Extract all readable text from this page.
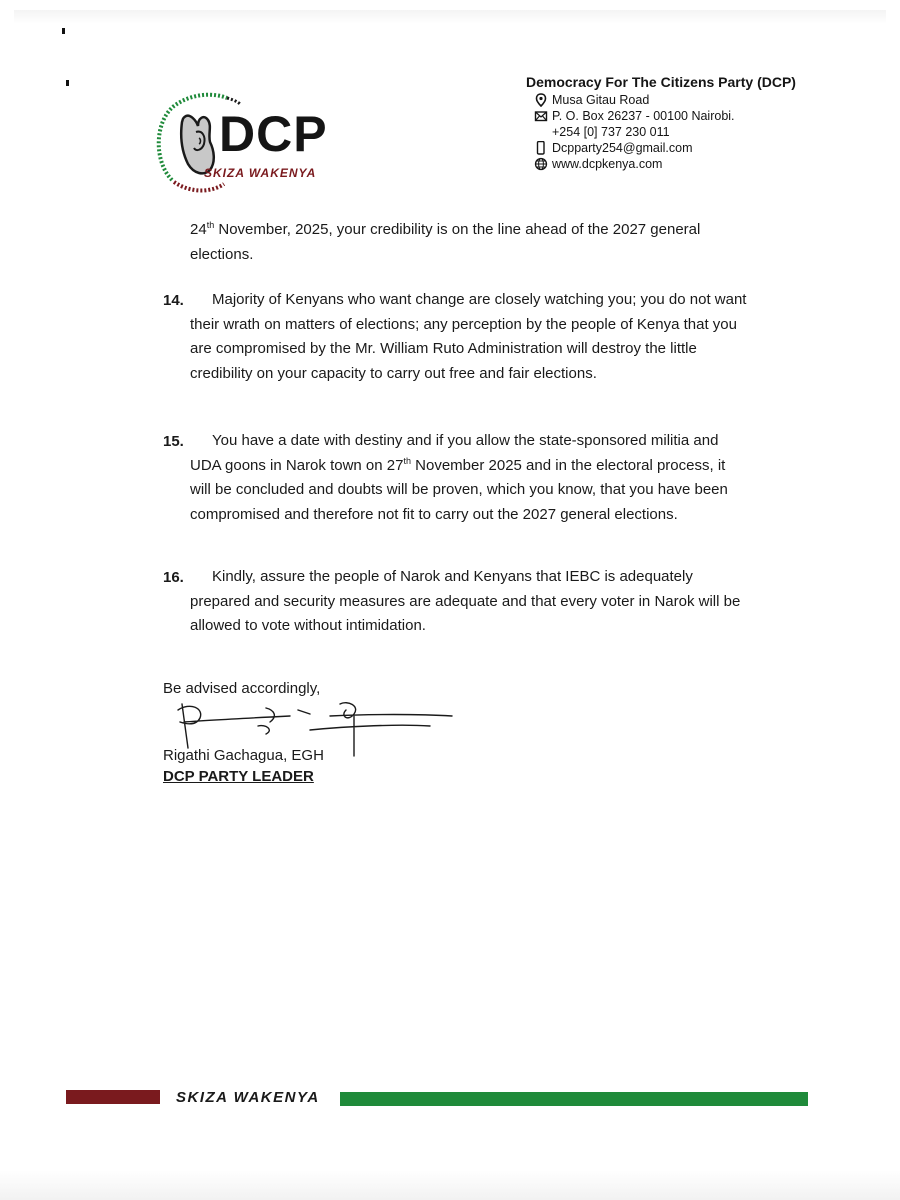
DCP
SKIZA WAKENYA
Democracy For The Citizens Party (DCP)
Musa Gitau Road
P. O. Box 26237 - 00100 Nairobi.
+254 [0] 737 230 011
Dcpparty254@gmail.com
www.dcpkenya.com
24th November, 2025, your credibility is on the line ahead of the 2027 general elections.
14.	Majority of Kenyans who want change are closely watching you; you do not want their wrath on matters of elections; any perception by the people of Kenya that you are compromised by the Mr. William Ruto Administration will destroy the little credibility on your capacity to carry out free and fair elections.
15.	You have a date with destiny and if you allow the state-sponsored militia and UDA goons in Narok town on 27th November 2025 and in the electoral process, it will be concluded and doubts will be proven, which you know, that you have been compromised and therefore not fit to carry out the 2027 general elections.
16.	Kindly, assure the people of Narok and Kenyans that IEBC is adequately prepared and security measures are adequate and that every voter in Narok will be allowed to vote without intimidation.
Be advised accordingly,
Rigathi Gachagua, EGH
DCP PARTY LEADER
SKIZA WAKENYA
